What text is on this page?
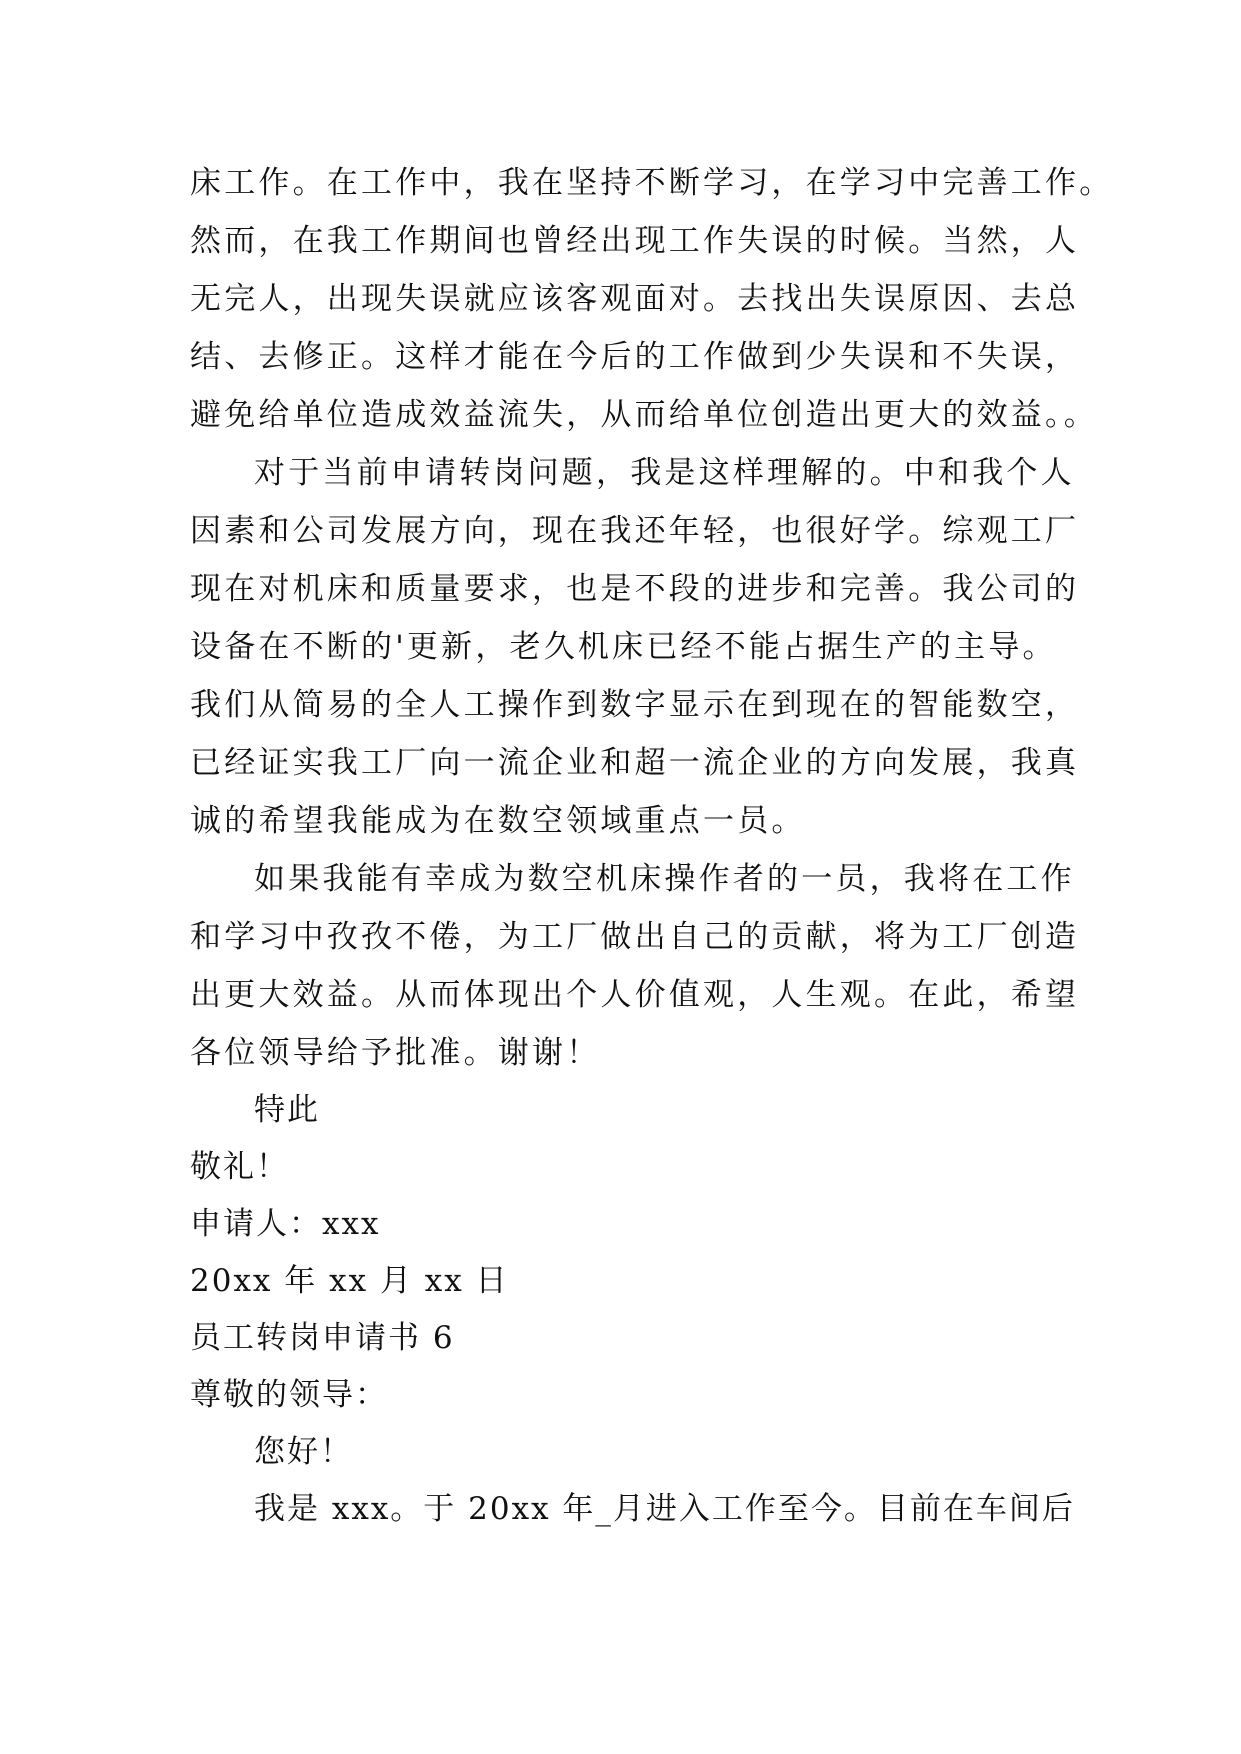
床工作。在工作中，我在坚持不断学习，在学习中完善工作。
然而，在我工作期间也曾经出现工作失误的时候。当然，人
无完人，出现失误就应该客观面对。去找出失误原因、去总
结、去修正。这样才能在今后的工作做到少失误和不失误，
避免给单位造成效益流失，从而给单位创造出更大的效益。。
对于当前申请转岗问题，我是这样理解的。中和我个人
因素和公司发展方向，现在我还年轻，也很好学。综观工厂
现在对机床和质量要求，也是不段的进步和完善。我公司的
设备在不断的'更新，老久机床已经不能占据生产的主导。
我们从简易的全人工操作到数字显示在到现在的智能数空，
已经证实我工厂向一流企业和超一流企业的方向发展，我真
诚的希望我能成为在数空领域重点一员。
如果我能有幸成为数空机床操作者的一员，我将在工作
和学习中孜孜不倦，为工厂做出自己的贡献，将为工厂创造
出更大效益。从而体现出个人价值观，人生观。在此，希望
各位领导给予批准。谢谢！
特此
敬礼！
申请人：xxx
20xx 年 xx 月 xx 日
员工转岗申请书 6
尊敬的领导：
您好！
我是 xxx。于 20xx 年_月进入工作至今。目前在车间后
